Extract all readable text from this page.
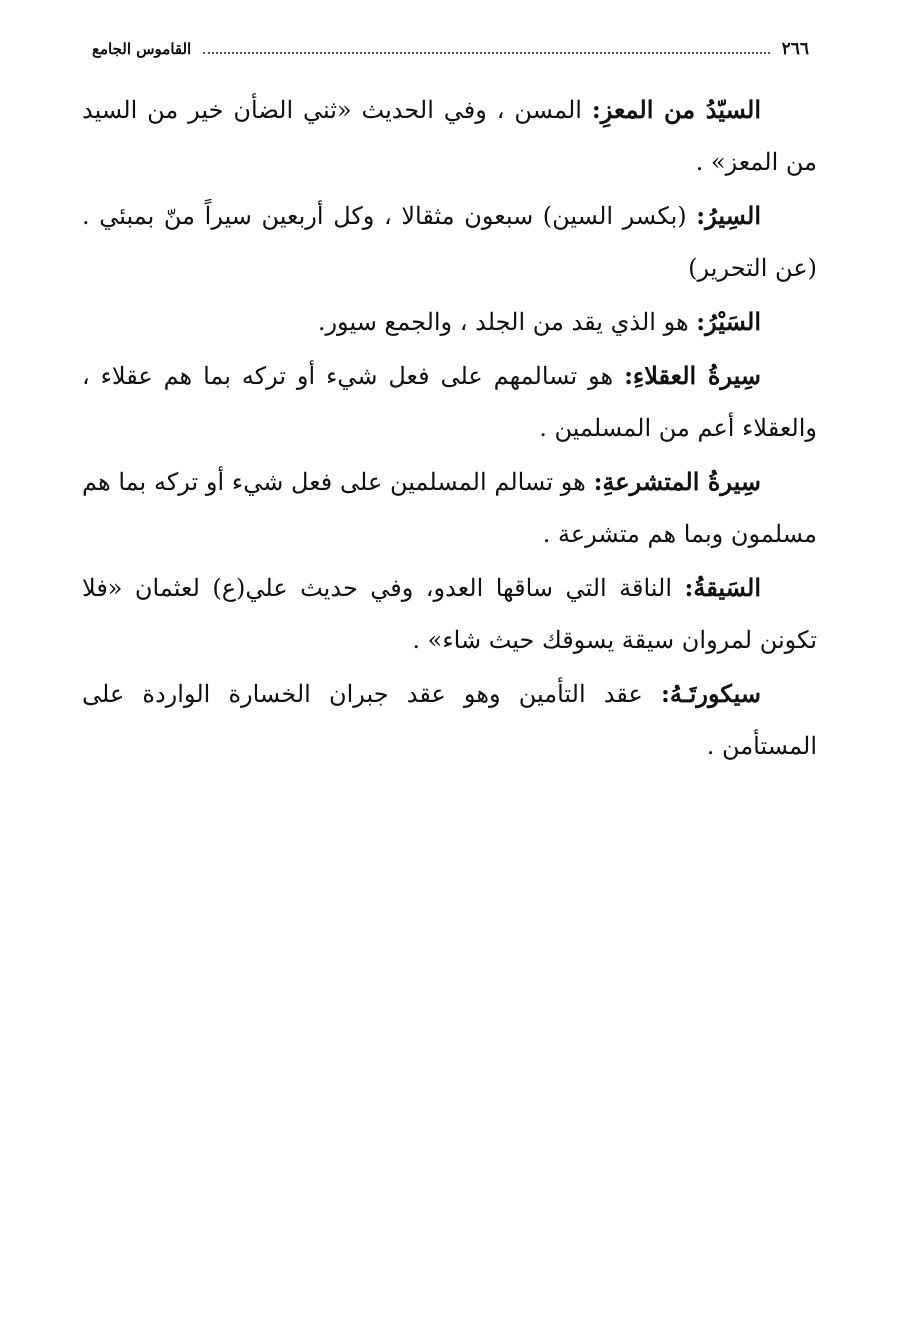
٢٦٦
القاموس الجامع

السيّدُ من المعزِ: المسن ، وفي الحديث «ثني الضأن خير من السيد من المعز» .

السِيرُ: (بكسر السين) سبعون مثقالا ، وكل أربعين سيراً منّ بمبئي . (عن التحرير)

السَيْرُ: هو الذي يقد من الجلد ، والجمع سيور.

سِيرةُ العقلاءِ: هو تسالمهم على فعل شيء أو تركه بما هم عقلاء ، والعقلاء أعم من المسلمين .

سِيرةُ المتشرعةِ: هو تسالم المسلمين على فعل شيء أو تركه بما هم مسلمون وبما هم متشرعة .

السَيقةُ: الناقة التي ساقها العدو، وفي حديث علي(ع) لعثمان «فلا تكونن لمروان سيقة يسوقك حيث شاء» .

سيكورتَـهُ: عقد التأمين وهو عقد جبران الخسارة الواردة على المستأمن .
